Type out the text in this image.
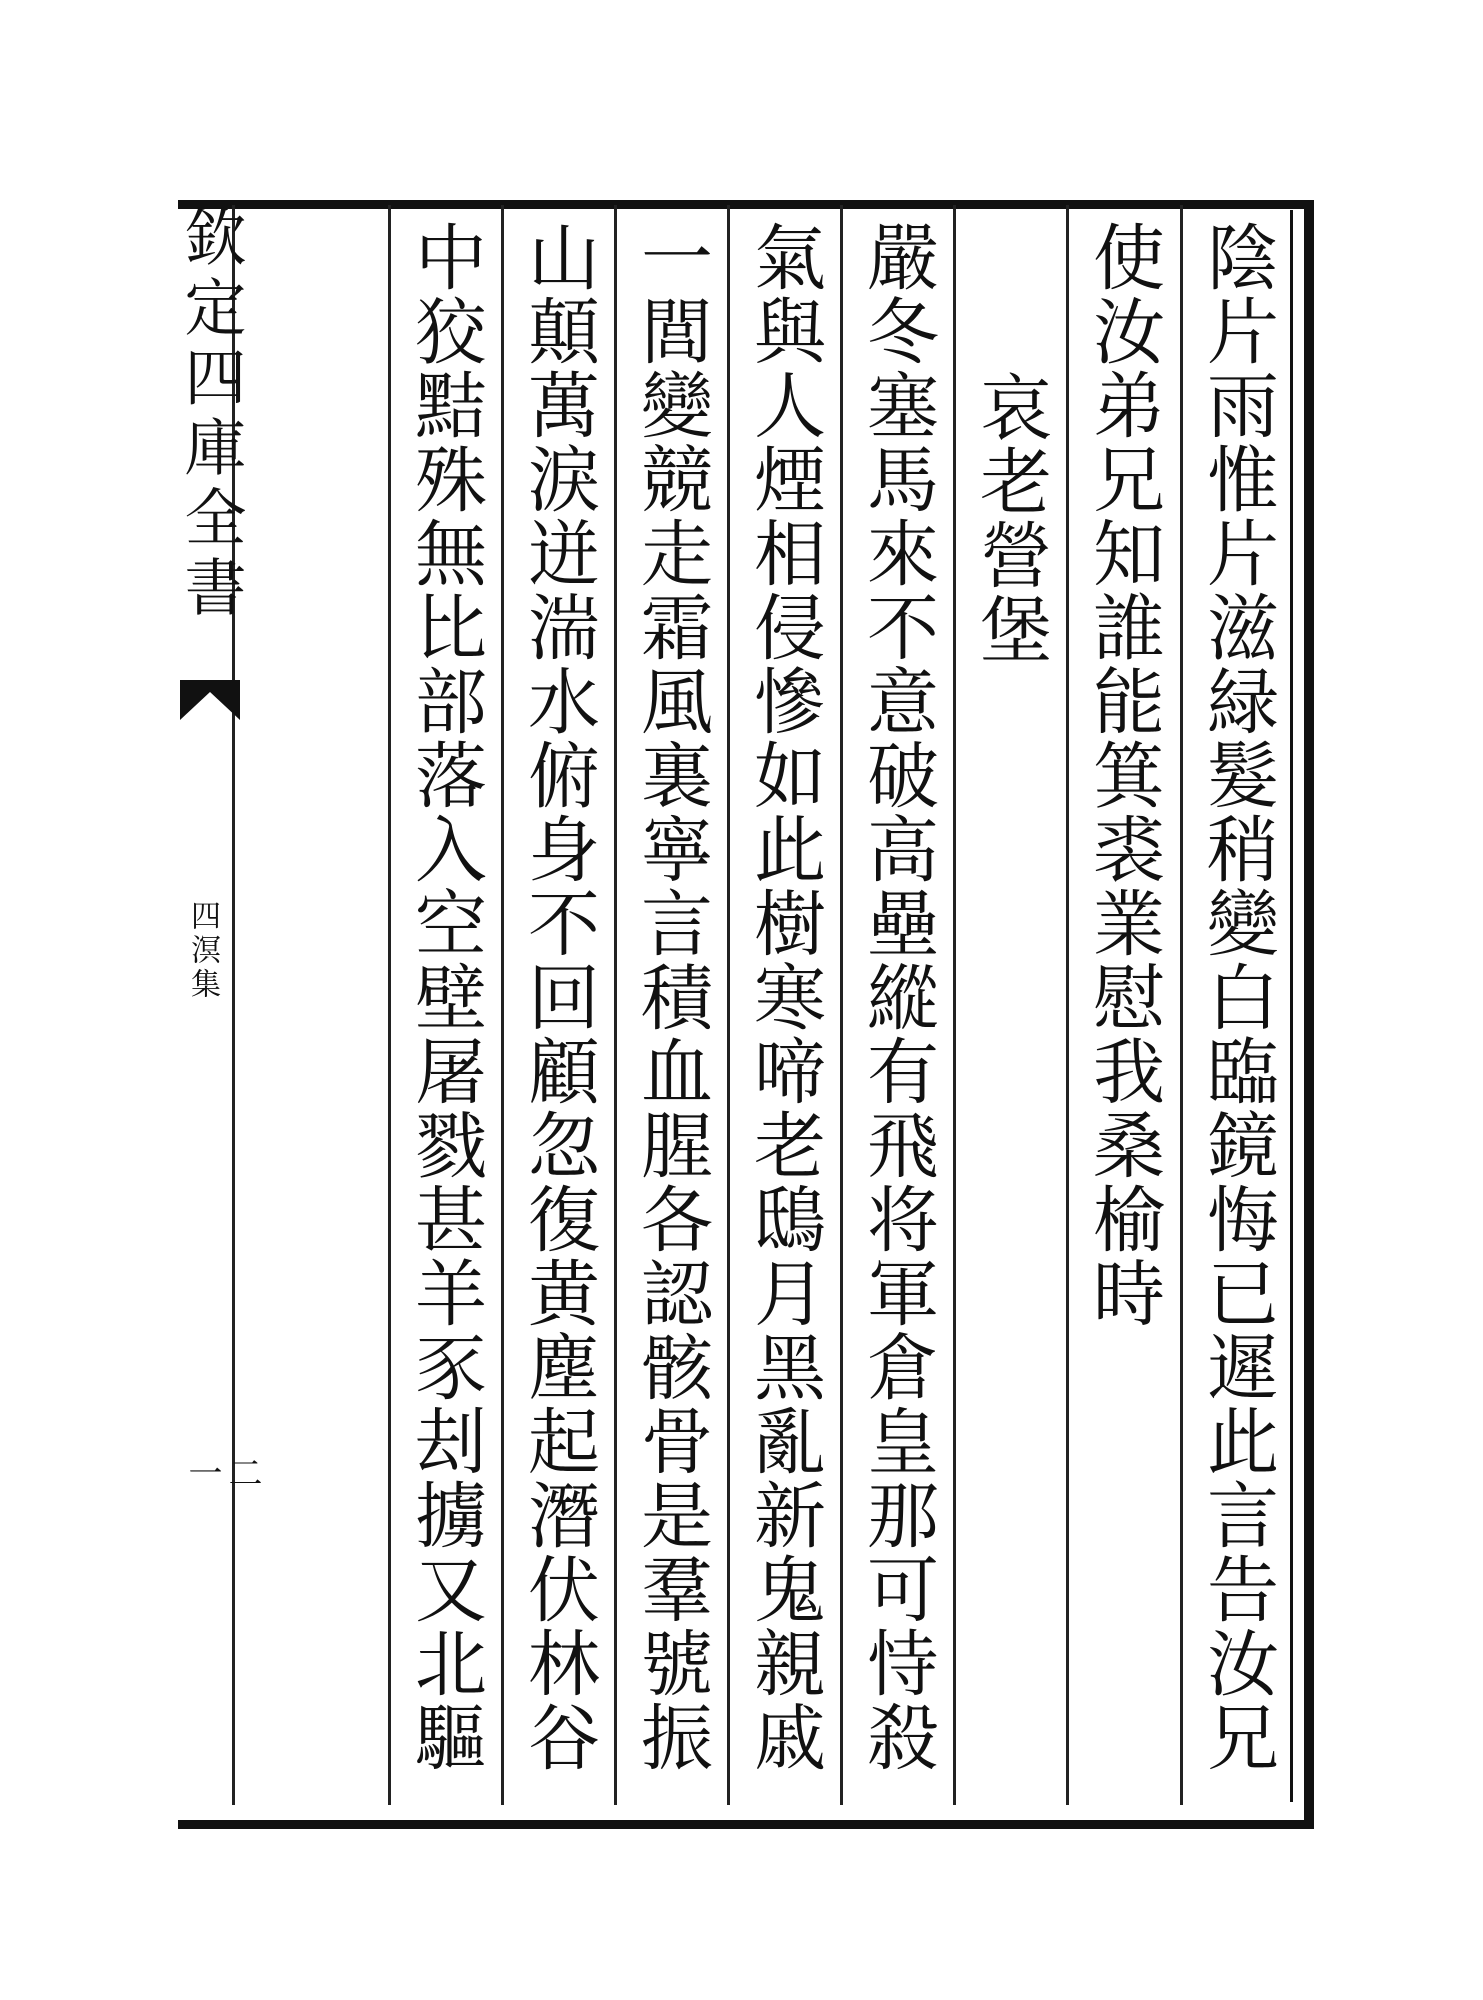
陰片雨惟片滋緑髮稍變白臨鏡悔已遲此言告汝兄

使汝弟兄知誰能箕裘業慰我桑榆時

哀老營堡

嚴冬塞馬來不意破高壘縱有飛将軍倉皇那可恃殺

氣與人煙相侵慘如此樹寒啼老鴟月黑亂新鬼親戚

一閭變競走霜風裏寧言積血腥各認骸骨是羣號振

山顛萬淚迸湍水俯身不回顧忽復黄塵起潛伏林谷

中狡黠殊無比部落入空壁屠戮甚羊豕刦擄又北驅

欽定四庫全書
四溟集
二一
